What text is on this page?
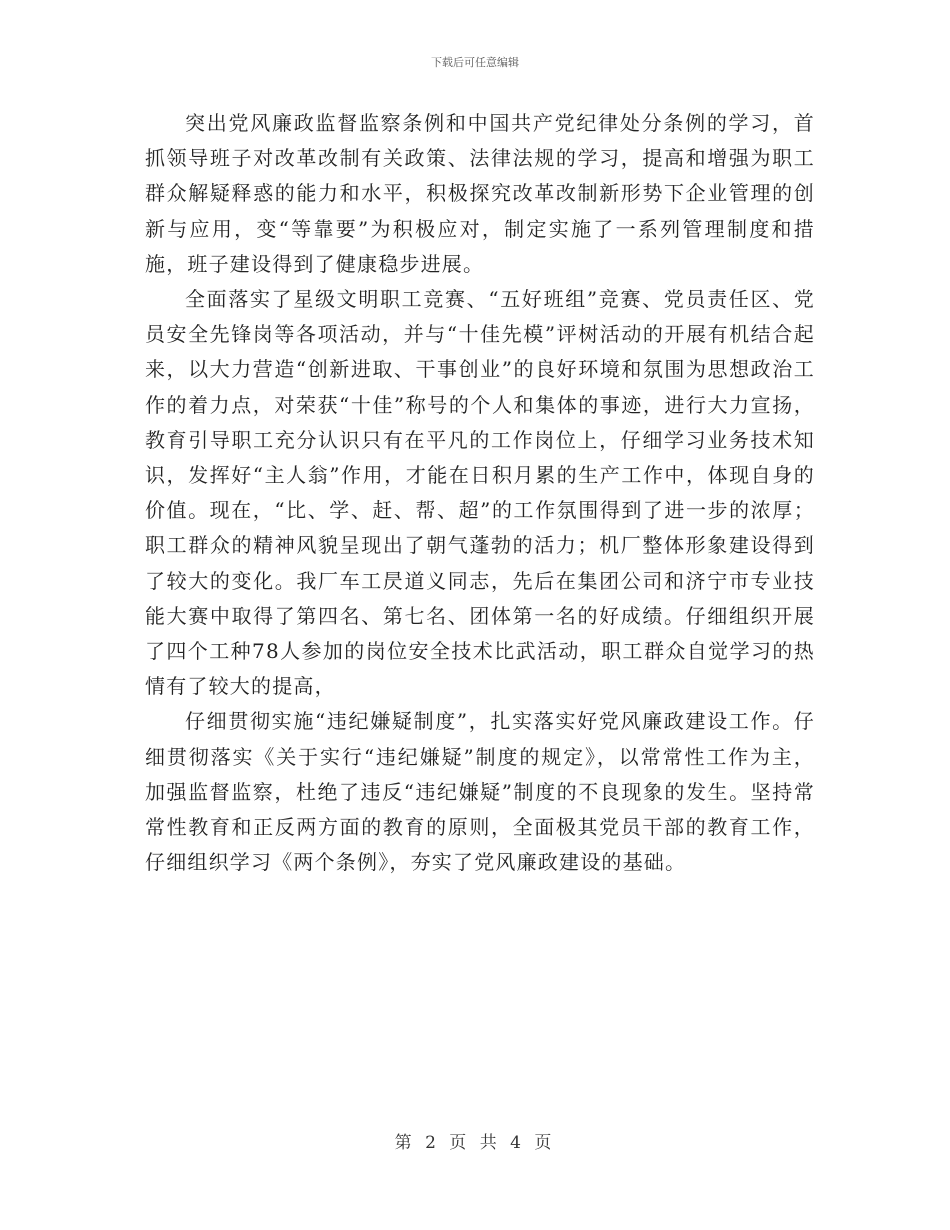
下载后可任意编辑

突出党风廉政监督监察条例和中国共产党纪律处分条例的学习，首抓领导班子对改革改制有关政策、法律法规的学习，提高和增强为职工群众解疑释惑的能力和水平，积极探究改革改制新形势下企业管理的创新与应用，变“等靠要”为积极应对，制定实施了一系列管理制度和措施，班子建设得到了健康稳步进展。

全面落实了星级文明职工竞赛、“五好班组”竞赛、党员责任区、党员安全先锋岗等各项活动，并与“十佳先模”评树活动的开展有机结合起来，以大力营造“创新进取、干事创业”的良好环境和氛围为思想政治工作的着力点，对荣获“十佳”称号的个人和集体的事迹，进行大力宣扬，教育引导职工充分认识只有在平凡的工作岗位上，仔细学习业务技术知识，发挥好“主人翁”作用，才能在日积月累的生产工作中，体现自身的价值。现在，“比、学、赶、帮、超”的工作氛围得到了进一步的浓厚；职工群众的精神风貌呈现出了朝气蓬勃的活力；机厂整体形象建设得到了较大的变化。我厂车工昃道义同志，先后在集团公司和济宁市专业技能大赛中取得了第四名、第七名、团体第一名的好成绩。仔细组织开展了四个工种78人参加的岗位安全技术比武活动，职工群众自觉学习的热情有了较大的提高，

仔细贯彻实施“违纪嫌疑制度”，扎实落实好党风廉政建设工作。仔细贯彻落实《关于实行“违纪嫌疑”制度的规定》，以常常性工作为主，加强监督监察，杜绝了违反“违纪嫌疑”制度的不良现象的发生。坚持常常性教育和正反两方面的教育的原则，全面极其党员干部的教育工作，仔细组织学习《两个条例》，夯实了党风廉政建设的基础。

第 2 页 共 4 页
